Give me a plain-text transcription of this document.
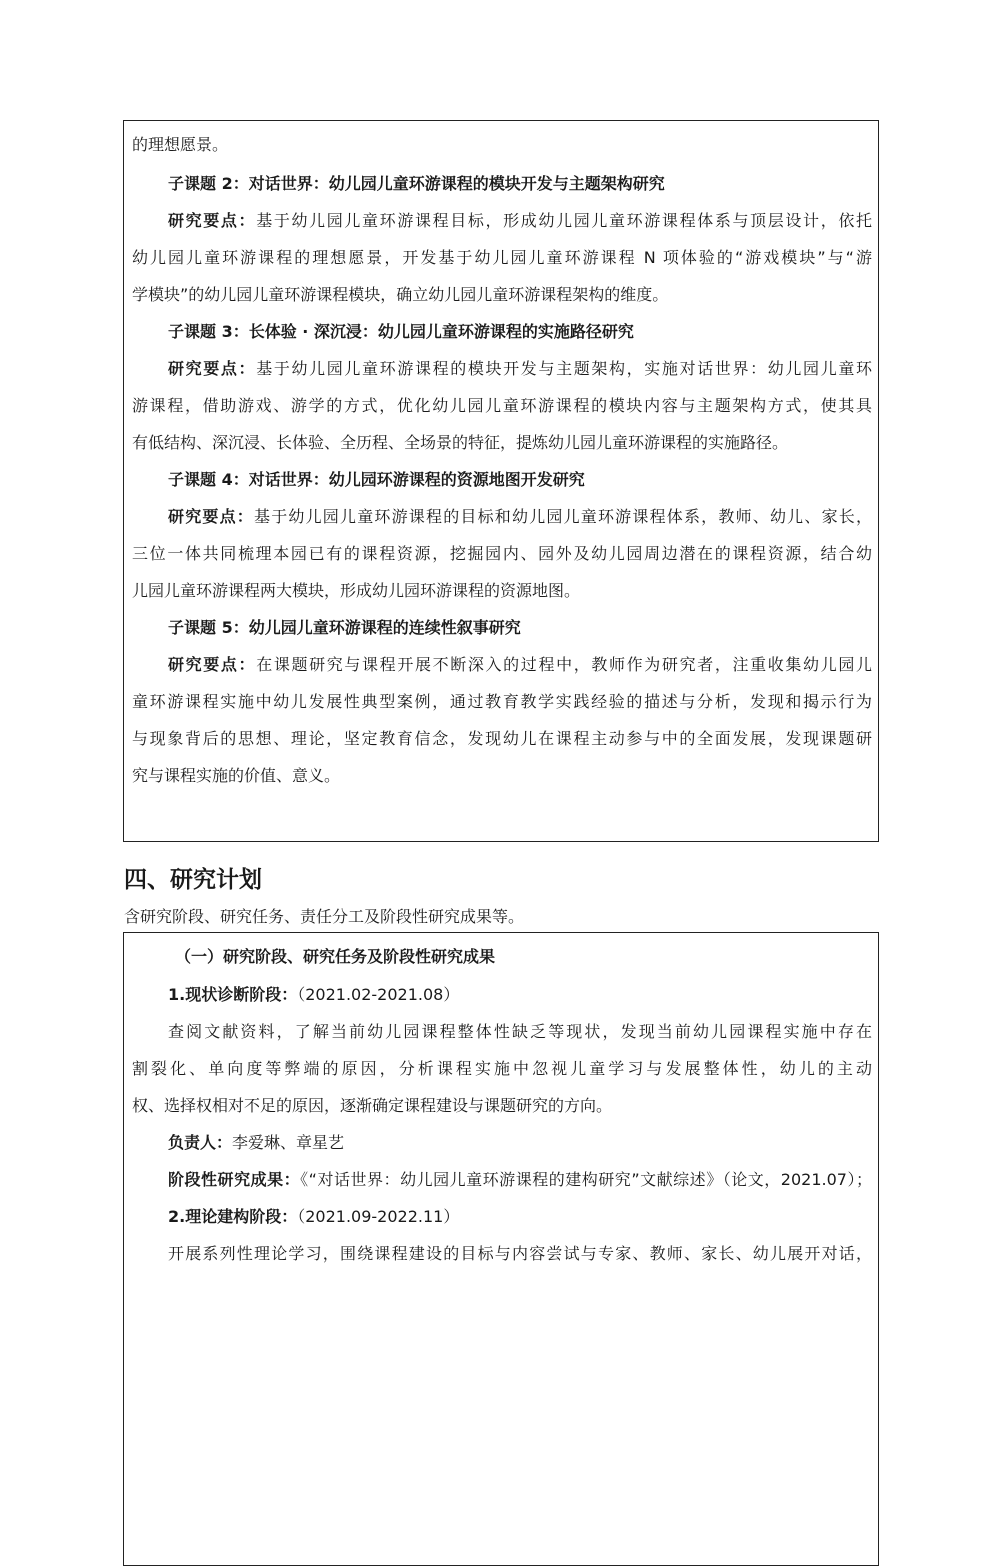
的理想愿景。
子课题 2：对话世界：幼儿园儿童环游课程的模块开发与主题架构研究
研究要点：基于幼儿园儿童环游课程目标，形成幼儿园儿童环游课程体系与顶层设计，依托
幼儿园儿童环游课程的理想愿景，开发基于幼儿园儿童环游课程 N 项体验的“游戏模块”与“游
学模块”的幼儿园儿童环游课程模块，确立幼儿园儿童环游课程架构的维度。
子课题 3：长体验 · 深沉浸：幼儿园儿童环游课程的实施路径研究
研究要点：基于幼儿园儿童环游课程的模块开发与主题架构，实施对话世界：幼儿园儿童环
游课程，借助游戏、游学的方式，优化幼儿园儿童环游课程的模块内容与主题架构方式，使其具
有低结构、深沉浸、长体验、全历程、全场景的特征，提炼幼儿园儿童环游课程的实施路径。
子课题 4：对话世界：幼儿园环游课程的资源地图开发研究
研究要点：基于幼儿园儿童环游课程的目标和幼儿园儿童环游课程体系，教师、幼儿、家长，
三位一体共同梳理本园已有的课程资源，挖掘园内、园外及幼儿园周边潜在的课程资源，结合幼
儿园儿童环游课程两大模块，形成幼儿园环游课程的资源地图。
子课题 5：幼儿园儿童环游课程的连续性叙事研究
研究要点：在课题研究与课程开展不断深入的过程中，教师作为研究者，注重收集幼儿园儿
童环游课程实施中幼儿发展性典型案例，通过教育教学实践经验的描述与分析，发现和揭示行为
与现象背后的思想、理论，坚定教育信念，发现幼儿在课程主动参与中的全面发展，发现课题研
究与课程实施的价值、意义。
四、研究计划
含研究阶段、研究任务、责任分工及阶段性研究成果等。
（一）研究阶段、研究任务及阶段性研究成果
1.现状诊断阶段：（2021.02-2021.08）
查阅文献资料，了解当前幼儿园课程整体性缺乏等现状，发现当前幼儿园课程实施中存在
割裂化、单向度等弊端的原因，分析课程实施中忽视儿童学习与发展整体性，幼儿的主动
权、选择权相对不足的原因，逐渐确定课程建设与课题研究的方向。
负责人：李爱琳、章星艺
阶段性研究成果：《“对话世界：幼儿园儿童环游课程的建构研究”文献综述》（论文，2021.07）；
2.理论建构阶段：（2021.09-2022.11）
开展系列性理论学习，围绕课程建设的目标与内容尝试与专家、教师、家长、幼儿展开对话，
